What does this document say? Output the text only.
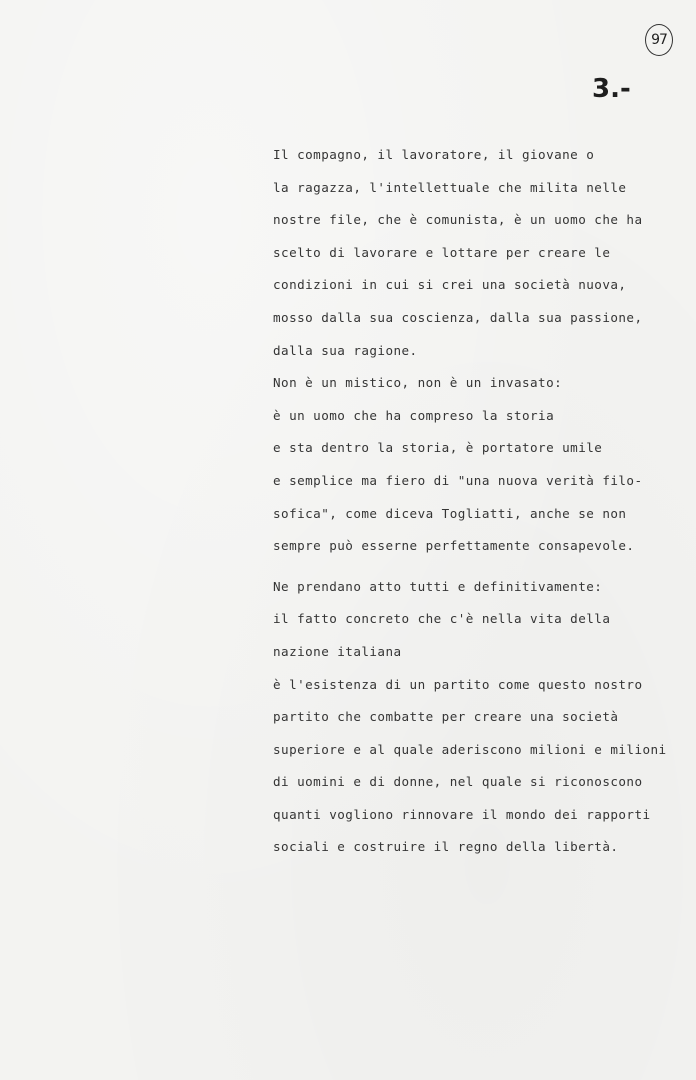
97
3.-
Il compagno, il lavoratore, il giovane o
la ragazza, l'intellettuale che milita nelle
nostre file, che è comunista, è un uomo che ha
scelto di lavorare e lottare per creare le
condizioni in cui si crei una società nuova,
mosso dalla sua coscienza, dalla sua passione,
dalla sua ragione.
Non è un mistico, non è un invasato:
è un uomo che ha compreso la storia
e sta dentro la storia, è portatore umile
e semplice ma fiero di "una nuova verità filo-
sofica", come diceva Togliatti, anche se non
sempre può esserne perfettamente consapevole.
Ne prendano atto tutti e definitivamente:
il fatto concreto che c'è nella vita della
nazione italiana
è l'esistenza di un partito come questo nostro
partito che combatte per creare una società
superiore e al quale aderiscono milioni e milioni
di uomini e di donne, nel quale si riconoscono
quanti vogliono rinnovare il mondo dei rapporti
sociali e costruire il regno della libertà.
